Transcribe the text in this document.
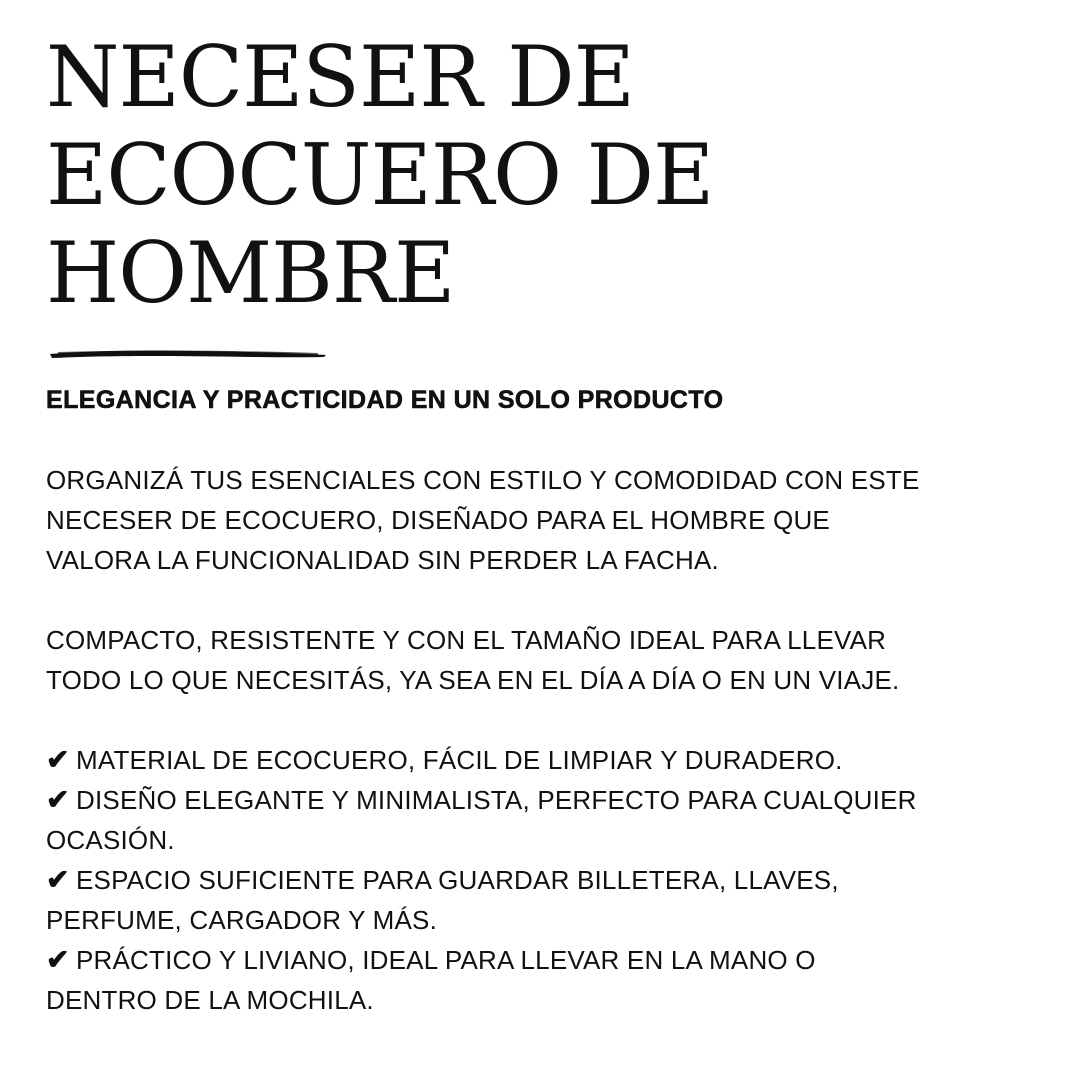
NECESER DE
ECOCUERO DE
HOMBRE
ELEGANCIA Y PRACTICIDAD EN UN SOLO PRODUCTO

ORGANIZÁ TUS ESENCIALES CON ESTILO Y COMODIDAD CON ESTE
NECESER DE ECOCUERO, DISEÑADO PARA EL HOMBRE QUE
VALORA LA FUNCIONALIDAD SIN PERDER LA FACHA.

COMPACTO, RESISTENTE Y CON EL TAMAÑO IDEAL PARA LLEVAR
TODO LO QUE NECESITÁS, YA SEA EN EL DÍA A DÍA O EN UN VIAJE.

✔ MATERIAL DE ECOCUERO, FÁCIL DE LIMPIAR Y DURADERO.
✔ DISEÑO ELEGANTE Y MINIMALISTA, PERFECTO PARA CUALQUIER
OCASIÓN.
✔ ESPACIO SUFICIENTE PARA GUARDAR BILLETERA, LLAVES,
PERFUME, CARGADOR Y MÁS.
✔ PRÁCTICO Y LIVIANO, IDEAL PARA LLEVAR EN LA MANO O
DENTRO DE LA MOCHILA.
